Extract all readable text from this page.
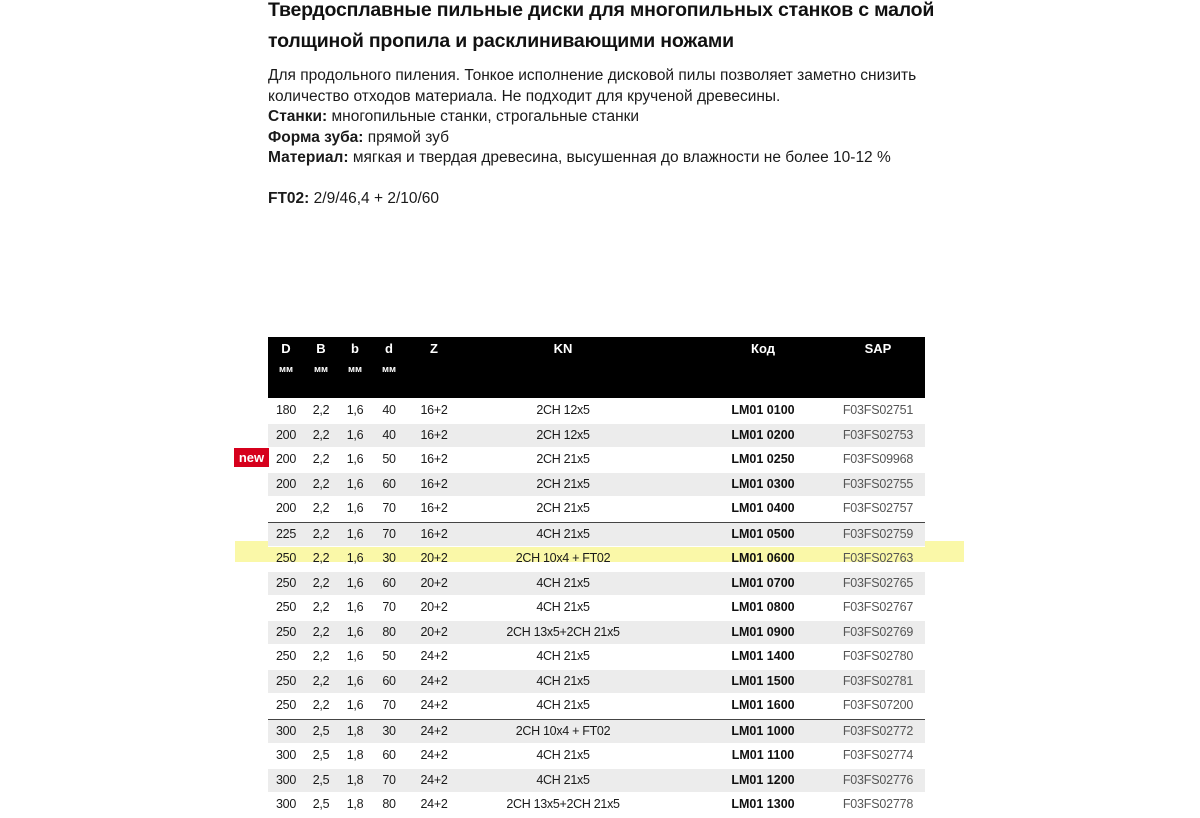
Твердосплавные пильные диски для многопильных станков с малой толщиной пропила и расклинивающими ножами
Для продольного пиления. Тонкое исполнение дисковой пилы позволяет заметно снизить количество отходов материала. Не подходит для крученой древесины.
Станки: многопильные станки, строгальные станки
Форма зуба: прямой зуб
Материал: мягкая и твердая древесина, высушенная до влажности не более 10-12 %
FT02: 2/9/46,4 + 2/10/60
D	B	b	d	Z	KN	Код	SAP
мм	мм	мм	мм
new
180	2,2	1,6	40	16+2	2CH 12x5	LM01 0100	F03FS02751
200	2,2	1,6	40	16+2	2CH 12x5	LM01 0200	F03FS02753
200	2,2	1,6	50	16+2	2CH 21x5	LM01 0250	F03FS09968
200	2,2	1,6	60	16+2	2CH 21x5	LM01 0300	F03FS02755
200	2,2	1,6	70	16+2	2CH 21x5	LM01 0400	F03FS02757
225	2,2	1,6	70	16+2	4CH 21x5	LM01 0500	F03FS02759
250	2,2	1,6	30	20+2	2CH 10x4 + FT02	LM01 0600	F03FS02763
250	2,2	1,6	60	20+2	4CH 21x5	LM01 0700	F03FS02765
250	2,2	1,6	70	20+2	4CH 21x5	LM01 0800	F03FS02767
250	2,2	1,6	80	20+2	2CH 13x5+2CH 21x5	LM01 0900	F03FS02769
250	2,2	1,6	50	24+2	4CH 21x5	LM01 1400	F03FS02780
250	2,2	1,6	60	24+2	4CH 21x5	LM01 1500	F03FS02781
250	2,2	1,6	70	24+2	4CH 21x5	LM01 1600	F03FS07200
300	2,5	1,8	30	24+2	2CH 10x4 + FT02	LM01 1000	F03FS02772
300	2,5	1,8	60	24+2	4CH 21x5	LM01 1100	F03FS02774
300	2,5	1,8	70	24+2	4CH 21x5	LM01 1200	F03FS02776
300	2,5	1,8	80	24+2	2CH 13x5+2CH 21x5	LM01 1300	F03FS02778
